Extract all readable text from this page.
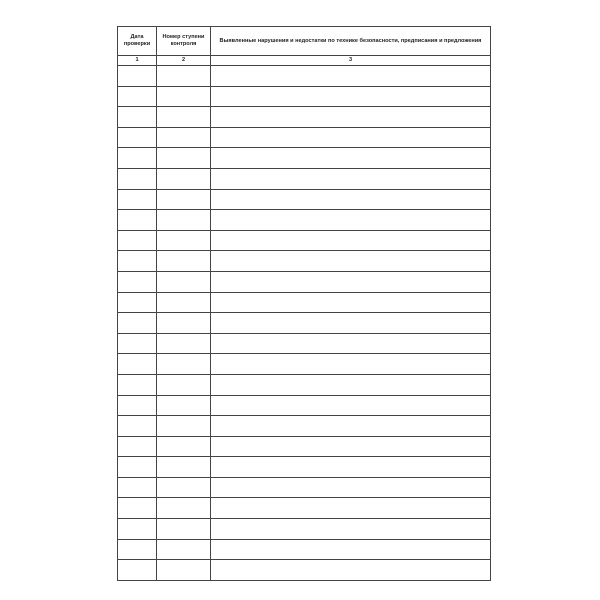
Дата проверки	Номер ступени контроля	Выявленные нарушения и недостатки по технике безопасности, предписания и предложения
1	2	3
